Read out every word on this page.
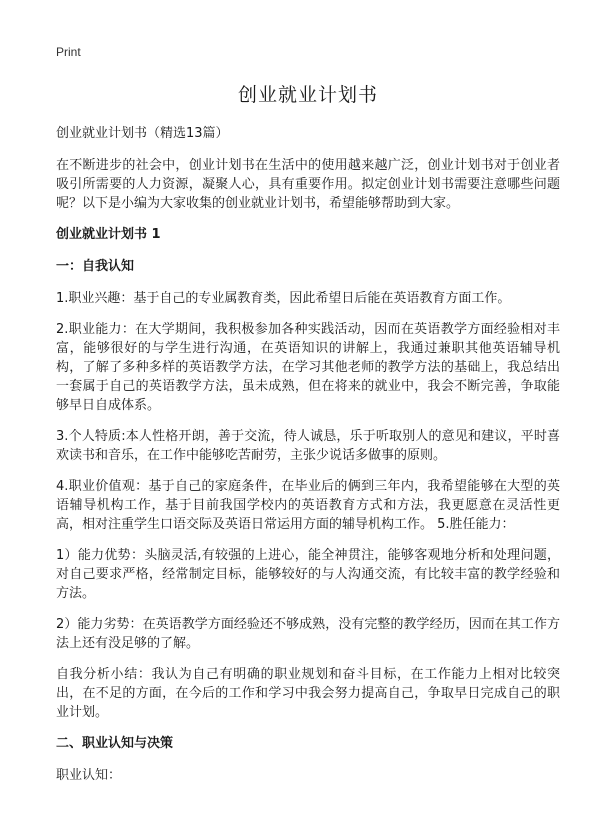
Print
创业就业计划书

创业就业计划书（精选13篇）

在不断进步的社会中，创业计划书在生活中的使用越来越广泛，创业计划书对于创业者吸引所需要的人力资源，凝聚人心，具有重要作用。拟定创业计划书需要注意哪些问题呢？以下是小编为大家收集的创业就业计划书，希望能够帮助到大家。

创业就业计划书 1

一：自我认知

1.职业兴趣：基于自己的专业属教育类，因此希望日后能在英语教育方面工作。

2.职业能力：在大学期间，我积极参加各种实践活动，因而在英语教学方面经验相对丰富，能够很好的与学生进行沟通，在英语知识的讲解上，我通过兼职其他英语辅导机构，了解了多种多样的英语教学方法，在学习其他老师的教学方法的基础上，我总结出一套属于自己的英语教学方法，虽未成熟，但在将来的就业中，我会不断完善，争取能够早日自成体系。

3.个人特质:本人性格开朗，善于交流，待人诚恳，乐于听取别人的意见和建议，平时喜欢读书和音乐，在工作中能够吃苦耐劳，主张少说话多做事的原则。

4.职业价值观：基于自己的家庭条件，在毕业后的俩到三年内，我希望能够在大型的英语辅导机构工作，基于目前我国学校内的英语教育方式和方法，我更愿意在灵活性更高，相对注重学生口语交际及英语日常运用方面的辅导机构工作。 5.胜任能力：

1）能力优势：头脑灵活,有较强的上进心，能全神贯注，能够客观地分析和处理问题，对自己要求严格，经常制定目标，能够较好的与人沟通交流，有比较丰富的教学经验和方法。

2）能力劣势：在英语教学方面经验还不够成熟，没有完整的教学经历，因而在其工作方法上还有没足够的了解。

自我分析小结：我认为自己有明确的职业规划和奋斗目标，在工作能力上相对比较突出，在不足的方面，在今后的工作和学习中我会努力提高自己，争取早日完成自己的职业计划。

二、职业认知与决策

职业认知：
